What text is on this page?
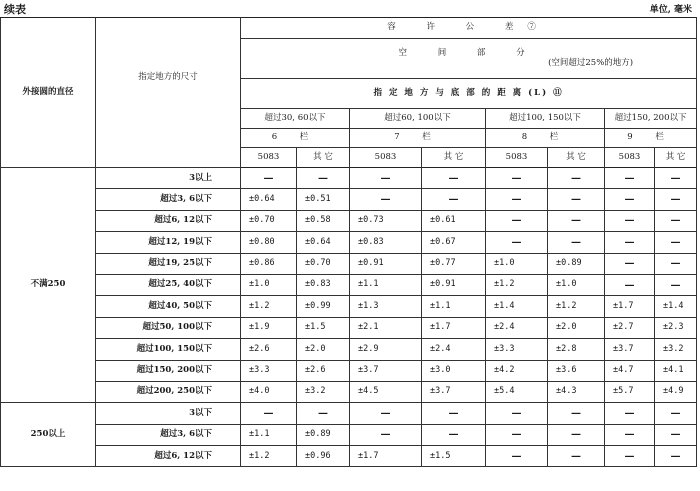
续表	单位, 毫米
外接圆的直径	指定地方的尺寸	容 许 公 差⑦							

		空 间 部 分
(空间超过25%的地方)							

		指 定 地 方 与 底 部 的 距 离 (L) ⑪							
		超过30, 60以下		超过60, 100以下		超过100, 150以下		超过150, 200以下	
		6 栏		7 栏		8 栏		9 栏	
		5083	其 它	5083	其 它	5083	其 它	5083	其 它

不满250	3以上	—	—	—	—	—	—	—	—
	超过3, 6以下	±0.64	±0.51	—	—	—	—	—	—
	超过6, 12以下	±0.70	±0.58	±0.73	±0.61	—	—	—	—
	超过12, 19以下	±0.80	±0.64	±0.83	±0.67	—	—	—	—
	超过19, 25以下	±0.86	±0.70	±0.91	±0.77	±1.0	±0.89	—	—
	超过25, 40以下	±1.0	±0.83	±1.1	±0.91	±1.2	±1.0	—	—
	超过40, 50以下	±1.2	±0.99	±1.3	±1.1	±1.4	±1.2	±1.7	±1.4
	超过50, 100以下	±1.9	±1.5	±2.1	±1.7	±2.4	±2.0	±2.7	±2.3
	超过100, 150以下	±2.6	±2.0	±2.9	±2.4	±3.3	±2.8	±3.7	±3.2
	超过150, 200以下	±3.3	±2.6	±3.7	±3.0	±4.2	±3.6	±4.7	±4.1
	超过200, 250以下	±4.0	±3.2	±4.5	±3.7	±5.4	±4.3	±5.7	±4.9
250以上	3以下	—	—	—	—	—	—	—	—
	超过3, 6以下	±1.1	±0.89	—	—	—	—	—	—
	超过6, 12以下	±1.2	±0.96	±1.7	±1.5	—	—	—	—
